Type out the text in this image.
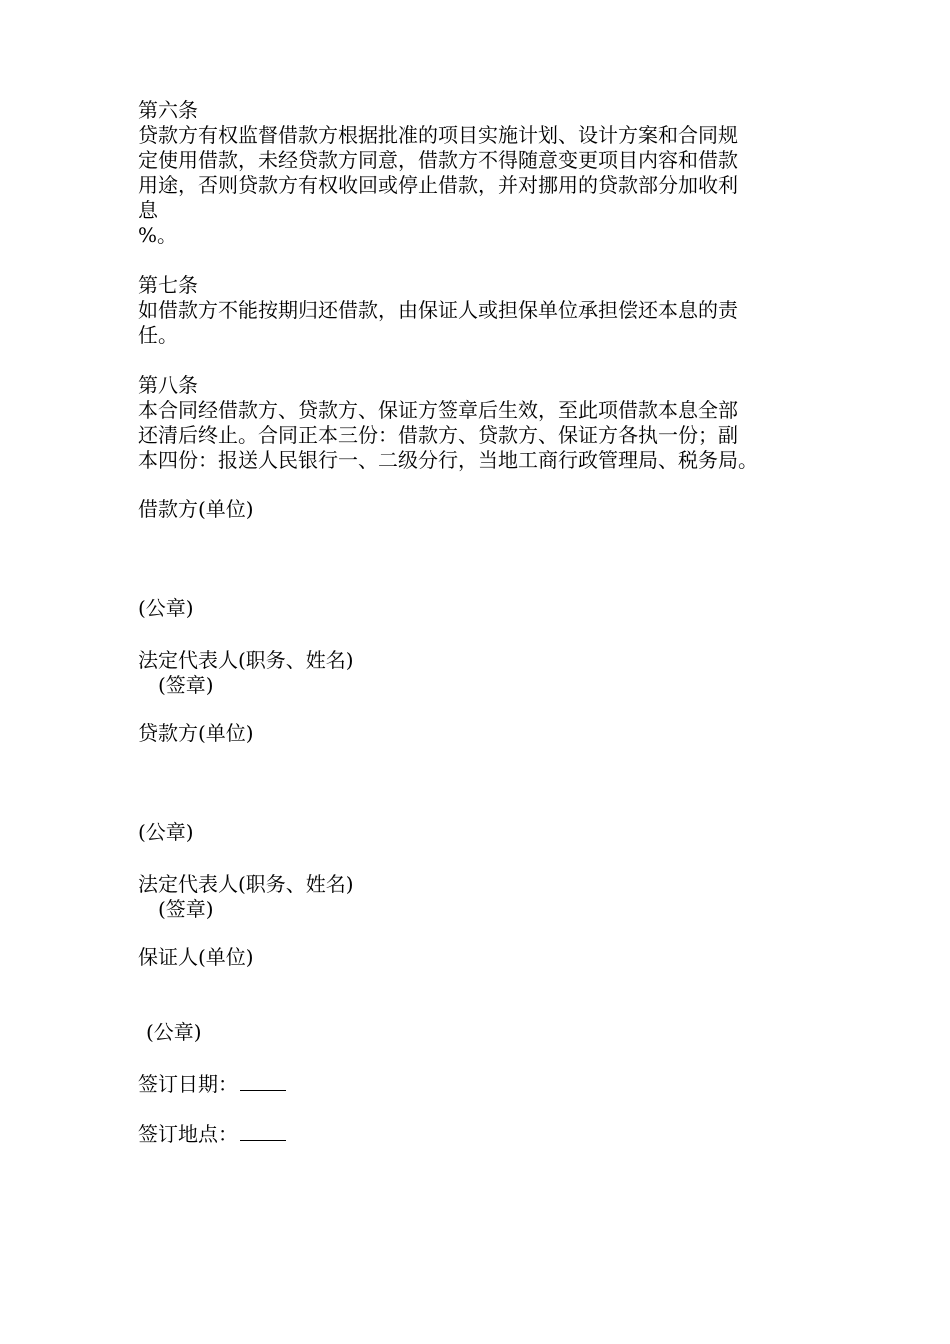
第六条
贷款方有权监督借款方根据批准的项目实施计划、设计方案和合同规
定使用借款，未经贷款方同意，借款方不得随意变更项目内容和借款
用途，否则贷款方有权收回或停止借款，并对挪用的贷款部分加收利
息
%。
第七条
如借款方不能按期归还借款，由保证人或担保单位承担偿还本息的责
任。
第八条
本合同经借款方、贷款方、保证方签章后生效，至此项借款本息全部
还清后终止。合同正本三份：借款方、贷款方、保证方各执一份；副
本四份：报送人民银行一、二级分行，当地工商行政管理局、税务局。
借款方(单位)
(公章)
法定代表人(职务、姓名)
(签章)
贷款方(单位)
(公章)
法定代表人(职务、姓名)
(签章)
保证人(单位)
(公章)
签订日期：
签订地点：
